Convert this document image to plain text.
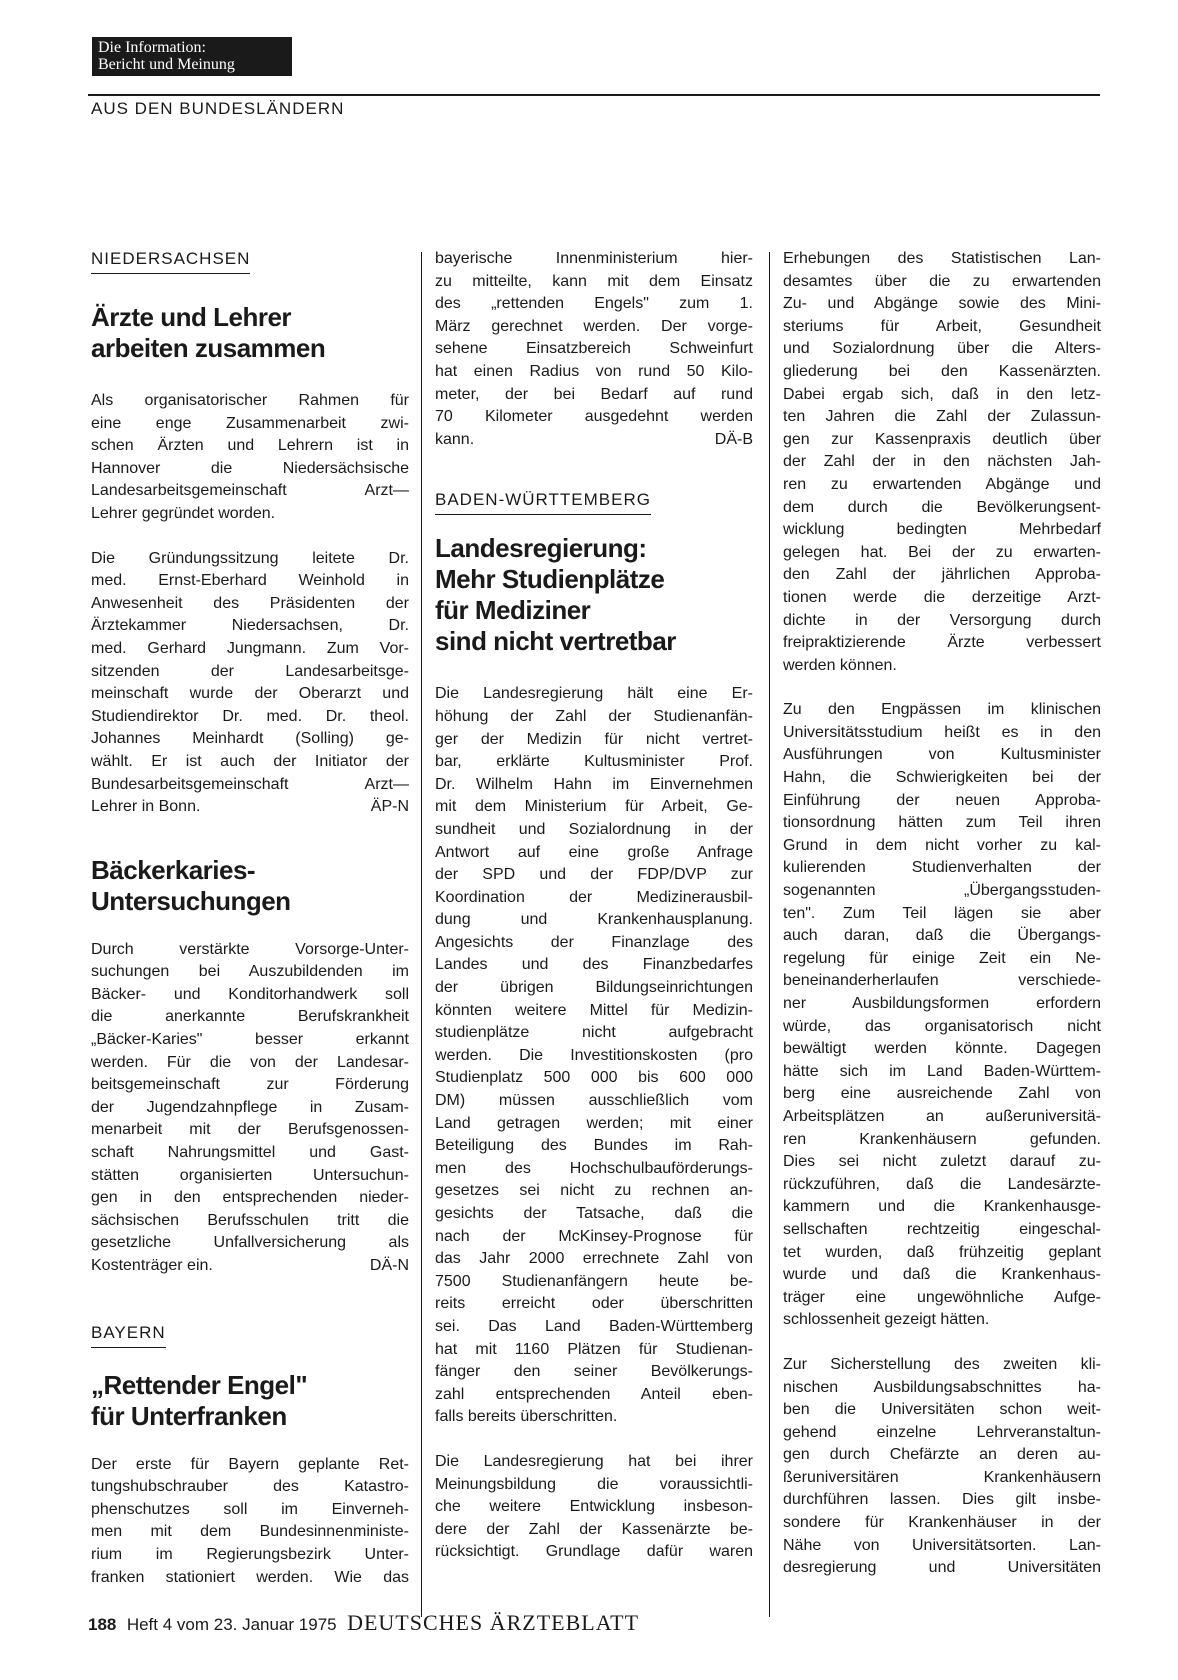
Die Information:
Bericht und Meinung
AUS DEN BUNDESLÄNDERN
NIEDERSACHSEN
Ärzte und Lehrer
arbeiten zusammen
Als organisatorischer Rahmen für
eine enge Zusammenarbeit zwi-
schen Ärzten und Lehrern ist in
Hannover die Niedersächsische
Landesarbeitsgemeinschaft Arzt—
Lehrer gegründet worden.
Die Gründungssitzung leitete Dr.
med. Ernst-Eberhard Weinhold in
Anwesenheit des Präsidenten der
Ärztekammer Niedersachsen, Dr.
med. Gerhard Jungmann. Zum Vor-
sitzenden der Landesarbeitsge-
meinschaft wurde der Oberarzt und
Studiendirektor Dr. med. Dr. theol.
Johannes Meinhardt (Solling) ge-
wählt. Er ist auch der Initiator der
Bundesarbeitsgemeinschaft Arzt—
Lehrer in Bonn.	ÄP-N
Bäckerkaries-
Untersuchungen
Durch verstärkte Vorsorge-Unter-
suchungen bei Auszubildenden im
Bäcker- und Konditorhandwerk soll
die anerkannte Berufskrankheit
„Bäcker-Karies" besser erkannt
werden. Für die von der Landesar-
beitsgemeinschaft zur Förderung
der Jugendzahnpflege in Zusam-
menarbeit mit der Berufsgenossen-
schaft Nahrungsmittel und Gast-
stätten organisierten Untersuchun-
gen in den entsprechenden nieder-
sächsischen Berufsschulen tritt die
gesetzliche Unfallversicherung als
Kostenträger ein.	DÄ-N
BAYERN
„Rettender Engel"
für Unterfranken
Der erste für Bayern geplante Ret-
tungshubschrauber des Katastro-
phenschutzes soll im Einverneh-
men mit dem Bundesinnenministe-
rium im Regierungsbezirk Unter-
franken stationiert werden. Wie das
bayerische Innenministerium hier-
zu mitteilte, kann mit dem Einsatz
des „rettenden Engels" zum 1.
März gerechnet werden. Der vorge-
sehene Einsatzbereich Schweinfurt
hat einen Radius von rund 50 Kilo-
meter, der bei Bedarf auf rund
70 Kilometer ausgedehnt werden
kann.	DÄ-B
BADEN-WÜRTTEMBERG
Landesregierung:
Mehr Studienplätze
für Mediziner
sind nicht vertretbar
Die Landesregierung hält eine Er-
höhung der Zahl der Studienanfän-
ger der Medizin für nicht vertret-
bar, erklärte Kultusminister Prof.
Dr. Wilhelm Hahn im Einvernehmen
mit dem Ministerium für Arbeit, Ge-
sundheit und Sozialordnung in der
Antwort auf eine große Anfrage
der SPD und der FDP/DVP zur
Koordination der Medizinerausbil-
dung und Krankenhausplanung.
Angesichts der Finanzlage des
Landes und des Finanzbedarfes
der übrigen Bildungseinrichtungen
könnten weitere Mittel für Medizin-
studienplätze nicht aufgebracht
werden. Die Investitionskosten (pro
Studienplatz 500 000 bis 600 000
DM) müssen ausschließlich vom
Land getragen werden; mit einer
Beteiligung des Bundes im Rah-
men des Hochschulbauförderungs-
gesetzes sei nicht zu rechnen an-
gesichts der Tatsache, daß die
nach der McKinsey-Prognose für
das Jahr 2000 errechnete Zahl von
7500 Studienanfängern heute be-
reits erreicht oder überschritten
sei. Das Land Baden-Württemberg
hat mit 1160 Plätzen für Studienan-
fänger den seiner Bevölkerungs-
zahl entsprechenden Anteil eben-
falls bereits überschritten.
Die Landesregierung hat bei ihrer
Meinungsbildung die voraussichtli-
che weitere Entwicklung insbeson-
dere der Zahl der Kassenärzte be-
rücksichtigt. Grundlage dafür waren
Erhebungen des Statistischen Lan-
desamtes über die zu erwartenden
Zu- und Abgänge sowie des Mini-
steriums für Arbeit, Gesundheit
und Sozialordnung über die Alters-
gliederung bei den Kassenärzten.
Dabei ergab sich, daß in den letz-
ten Jahren die Zahl der Zulassun-
gen zur Kassenpraxis deutlich über
der Zahl der in den nächsten Jah-
ren zu erwartenden Abgänge und
dem durch die Bevölkerungsent-
wicklung bedingten Mehrbedarf
gelegen hat. Bei der zu erwarten-
den Zahl der jährlichen Approba-
tionen werde die derzeitige Arzt-
dichte in der Versorgung durch
freipraktizierende Ärzte verbessert
werden können.
Zu den Engpässen im klinischen
Universitätsstudium heißt es in den
Ausführungen von Kultusminister
Hahn, die Schwierigkeiten bei der
Einführung der neuen Approba-
tionsordnung hätten zum Teil ihren
Grund in dem nicht vorher zu kal-
kulierenden Studienverhalten der
sogenannten „Übergangsstuden-
ten". Zum Teil lägen sie aber
auch daran, daß die Übergangs-
regelung für einige Zeit ein Ne-
beneinanderherlaufen verschiede-
ner Ausbildungsformen erfordern
würde, das organisatorisch nicht
bewältigt werden könnte. Dagegen
hätte sich im Land Baden-Württem-
berg eine ausreichende Zahl von
Arbeitsplätzen an außeruniversitä-
ren Krankenhäusern gefunden.
Dies sei nicht zuletzt darauf zu-
rückzuführen, daß die Landesärzte-
kammern und die Krankenhausge-
sellschaften rechtzeitig eingeschal-
tet wurden, daß frühzeitig geplant
wurde und daß die Krankenhaus-
träger eine ungewöhnliche Aufge-
schlossenheit gezeigt hätten.
Zur Sicherstellung des zweiten kli-
nischen Ausbildungsabschnittes ha-
ben die Universitäten schon weit-
gehend einzelne Lehrveranstaltun-
gen durch Chefärzte an deren au-
ßeruniversitären Krankenhäusern
durchführen lassen. Dies gilt insbe-
sondere für Krankenhäuser in der
Nähe von Universitätsorten. Lan-
desregierung und Universitäten
188 Heft 4 vom 23. Januar 1975 DEUTSCHES ÄRZTEBLATT
